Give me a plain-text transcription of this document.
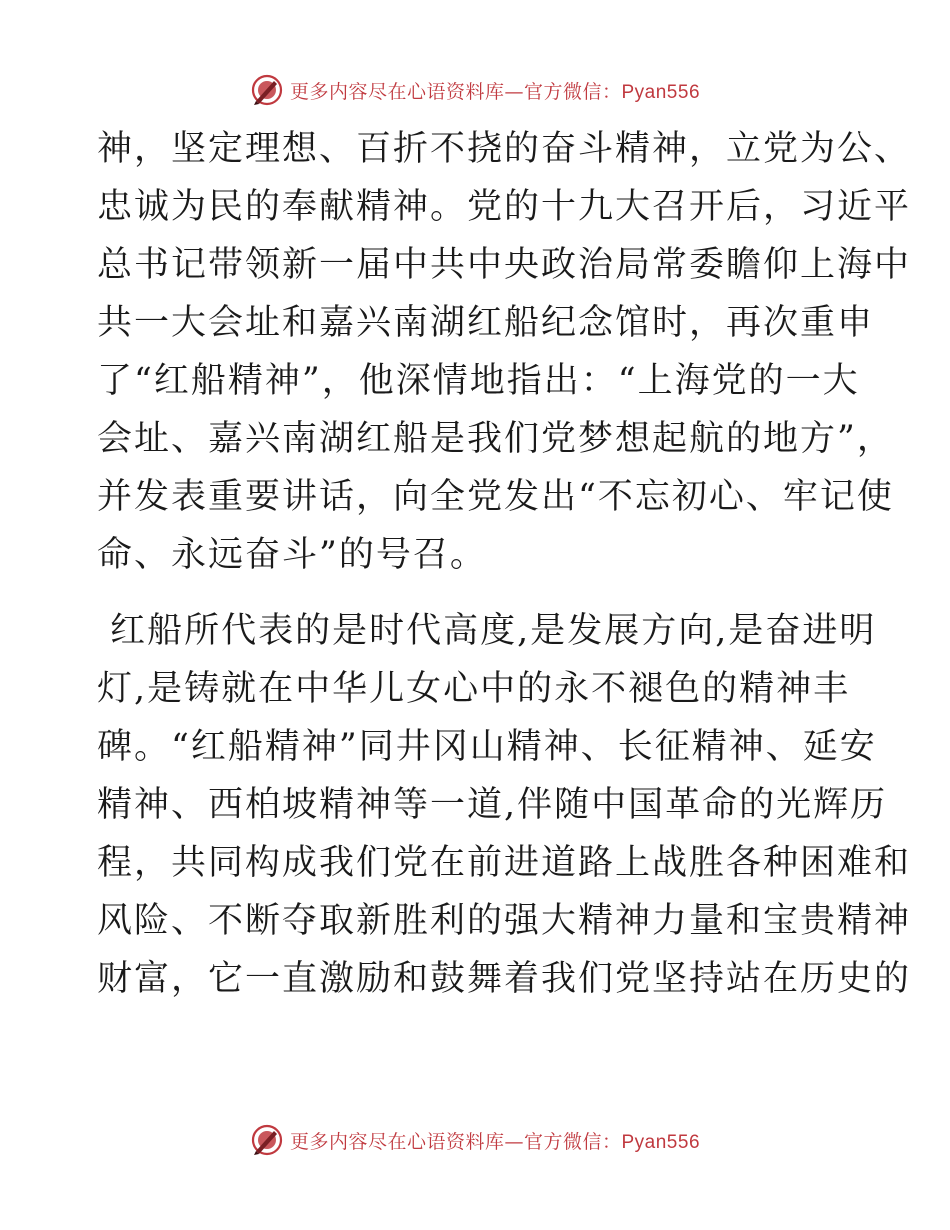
更多内容尽在心语资料库—官方微信：Pyan556
神，坚定理想、百折不挠的奋斗精神，立党为公、
忠诚为民的奉献精神。党的十九大召开后，习近平
总书记带领新一届中共中央政治局常委瞻仰上海中
共一大会址和嘉兴南湖红船纪念馆时，再次重申
了“红船精神”，他深情地指出：“上海党的一大
会址、嘉兴南湖红船是我们党梦想起航的地方”，
并发表重要讲话，向全党发出“不忘初心、牢记使
命、永远奋斗”的号召。
红船所代表的是时代高度,是发展方向,是奋进明
灯,是铸就在中华儿女心中的永不褪色的精神丰
碑。“红船精神”同井冈山精神、长征精神、延安
精神、西柏坡精神等一道,伴随中国革命的光辉历
程，共同构成我们党在前进道路上战胜各种困难和
风险、不断夺取新胜利的强大精神力量和宝贵精神
财富，它一直激励和鼓舞着我们党坚持站在历史的
更多内容尽在心语资料库—官方微信：Pyan556
